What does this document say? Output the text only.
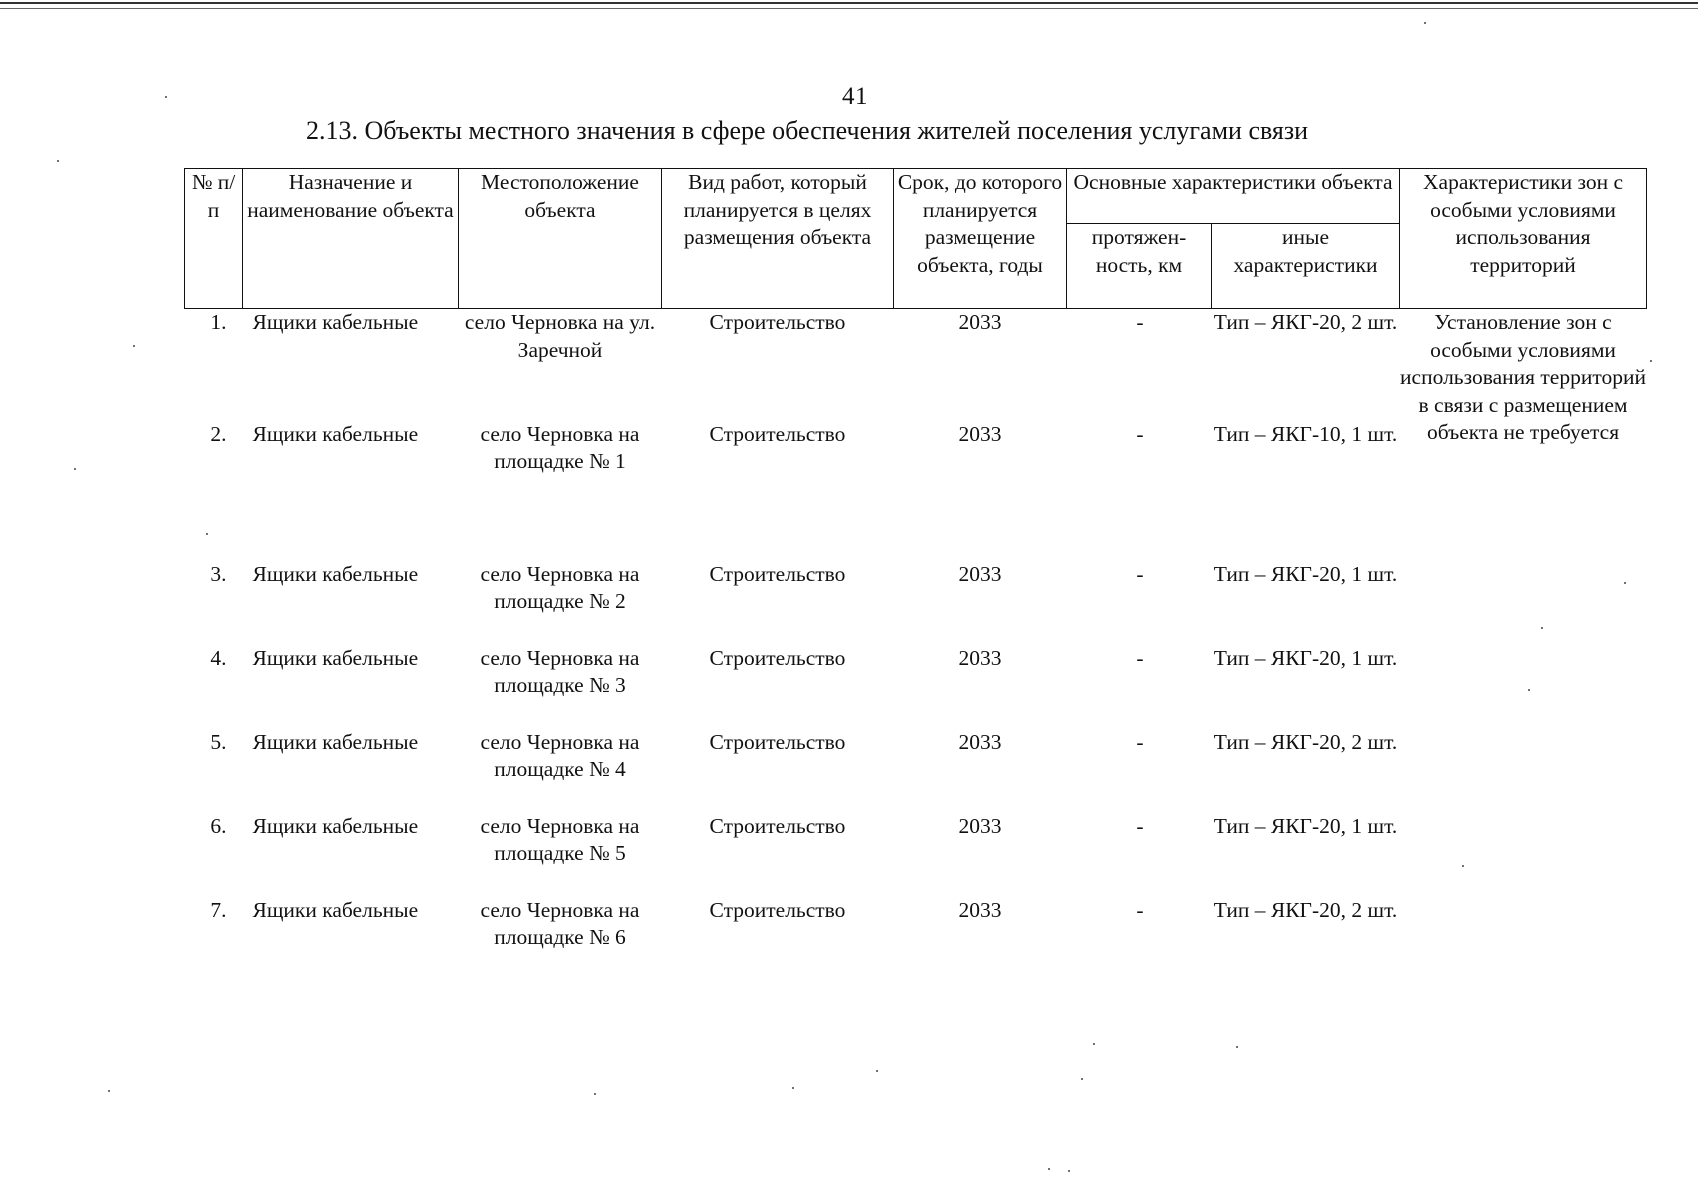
41
2.13. Объекты местного значения в сфере обеспечения жителей поселения услугами связи
№ п/п	Назначение и наименование объекта	Местоположение объекта	Вид работ, который планируется в целях размещения объекта	Срок, до которого планируется размещение объекта, годы	Основные характеристики объекта		Характеристики зон с особыми условиями использования территорий
					протяжен-ность, км	иные характеристики	
1.	Ящики кабельные	село Черновка на ул. Заречной	Строительство	2033	-	Тип – ЯКГ-20, 2 шт.	Установление зон с особыми условиями использования территорий в связи с размещением объекта не требуется
2.	Ящики кабельные	село Черновка на площадке № 1	Строительство	2033	-	Тип – ЯКГ-10, 1 шт.	
3.	Ящики кабельные	село Черновка на площадке № 2	Строительство	2033	-	Тип – ЯКГ-20, 1 шт.	
4.	Ящики кабельные	село Черновка на площадке № 3	Строительство	2033	-	Тип – ЯКГ-20, 1 шт.	
5.	Ящики кабельные	село Черновка на площадке № 4	Строительство	2033	-	Тип – ЯКГ-20, 2 шт.	
6.	Ящики кабельные	село Черновка на площадке № 5	Строительство	2033	-	Тип – ЯКГ-20, 1 шт.	
7.	Ящики кабельные	село Черновка на площадке № 6	Строительство	2033	-	Тип – ЯКГ-20, 2 шт.	
